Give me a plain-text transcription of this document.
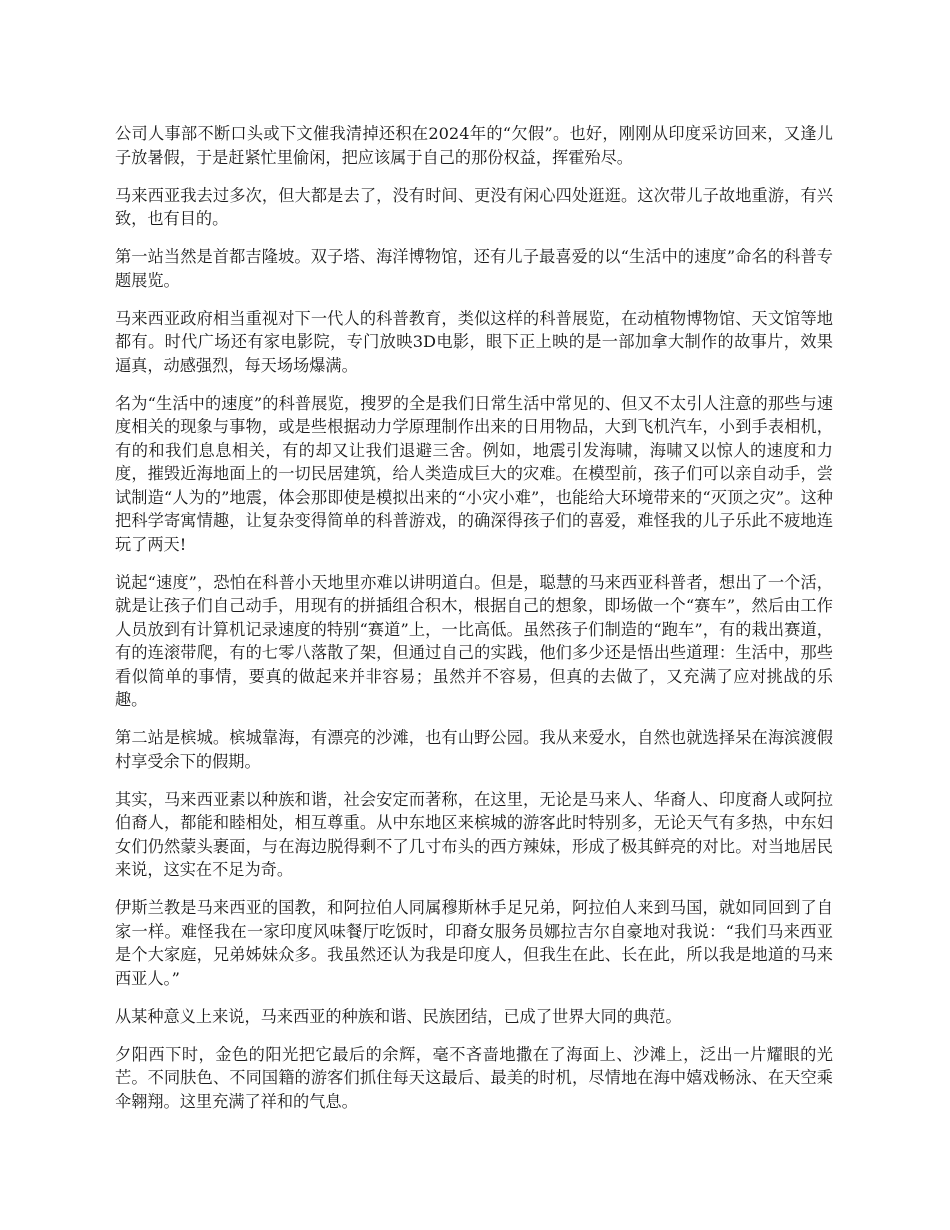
公司人事部不断口头或下文催我清掉还积在2024年的“欠假”。也好，刚刚从印度采访回来，又逢儿子放暑假，于是赶紧忙里偷闲，把应该属于自己的那份权益，挥霍殆尽。

马来西亚我去过多次，但大都是去了，没有时间、更没有闲心四处逛逛。这次带儿子故地重游，有兴致，也有目的。

第一站当然是首都吉隆坡。双子塔、海洋博物馆，还有儿子最喜爱的以“生活中的速度”命名的科普专题展览。

马来西亚政府相当重视对下一代人的科普教育，类似这样的科普展览，在动植物博物馆、天文馆等地都有。时代广场还有家电影院，专门放映3D电影，眼下正上映的是一部加拿大制作的故事片，效果逼真，动感强烈，每天场场爆满。

名为“生活中的速度”的科普展览，搜罗的全是我们日常生活中常见的、但又不太引人注意的那些与速度相关的现象与事物，或是些根据动力学原理制作出来的日用物品，大到飞机汽车，小到手表相机，有的和我们息息相关，有的却又让我们退避三舍。例如，地震引发海啸，海啸又以惊人的速度和力度，摧毁近海地面上的一切民居建筑，给人类造成巨大的灾难。在模型前，孩子们可以亲自动手，尝试制造“人为的”地震，体会那即使是模拟出来的“小灾小难”，也能给大环境带来的“灭顶之灾”。这种把科学寄寓情趣，让复杂变得简单的科普游戏，的确深得孩子们的喜爱，难怪我的儿子乐此不疲地连玩了两天!

说起“速度”，恐怕在科普小天地里亦难以讲明道白。但是，聪慧的马来西亚科普者，想出了一个活，就是让孩子们自己动手，用现有的拼插组合积木，根据自己的想象，即场做一个“赛车”，然后由工作人员放到有计算机记录速度的特别“赛道”上，一比高低。虽然孩子们制造的“跑车”，有的栽出赛道，有的连滚带爬，有的七零八落散了架，但通过自己的实践，他们多少还是悟出些道理：生活中，那些看似简单的事情，要真的做起来并非容易；虽然并不容易，但真的去做了，又充满了应对挑战的乐趣。

第二站是槟城。槟城靠海，有漂亮的沙滩，也有山野公园。我从来爱水，自然也就选择呆在海滨渡假村享受余下的假期。

其实，马来西亚素以种族和谐，社会安定而著称，在这里，无论是马来人、华裔人、印度裔人或阿拉伯裔人，都能和睦相处，相互尊重。从中东地区来槟城的游客此时特别多，无论天气有多热，中东妇女们仍然蒙头裹面，与在海边脱得剩不了几寸布头的西方辣妹，形成了极其鲜亮的对比。对当地居民来说，这实在不足为奇。

伊斯兰教是马来西亚的国教，和阿拉伯人同属穆斯林手足兄弟，阿拉伯人来到马国，就如同回到了自家一样。难怪我在一家印度风味餐厅吃饭时，印裔女服务员娜拉吉尔自豪地对我说：“我们马来西亚是个大家庭，兄弟姊妹众多。我虽然还认为我是印度人，但我生在此、长在此，所以我是地道的马来西亚人。”

从某种意义上来说，马来西亚的种族和谐、民族团结，已成了世界大同的典范。

夕阳西下时，金色的阳光把它最后的余辉，毫不吝啬地撒在了海面上、沙滩上，泛出一片耀眼的光芒。不同肤色、不同国籍的游客们抓住每天这最后、最美的时机，尽情地在海中嬉戏畅泳、在天空乘伞翱翔。这里充满了祥和的气息。
